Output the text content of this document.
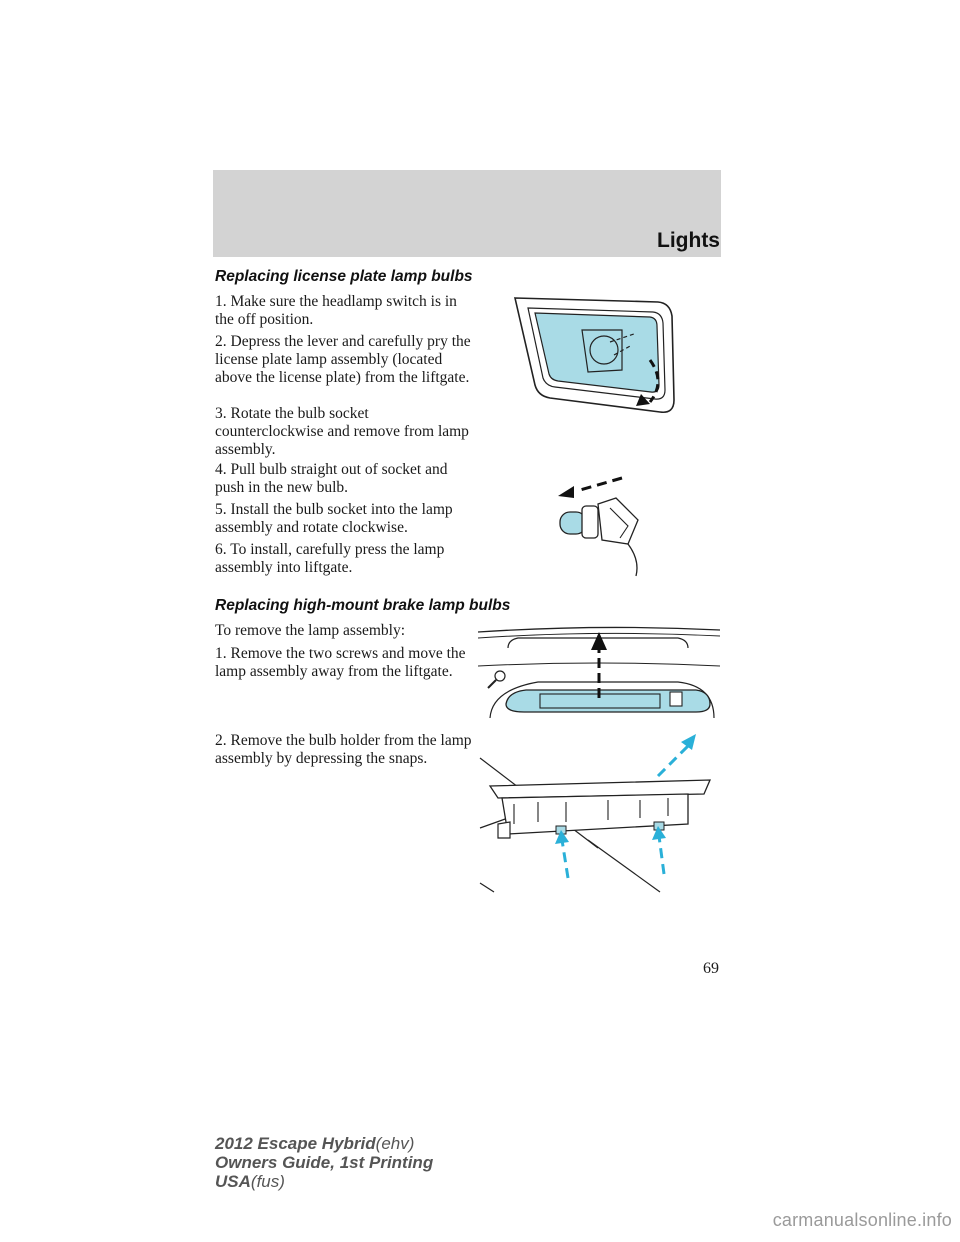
Lights
Replacing license plate lamp bulbs

1. Make sure the headlamp switch is in the off position.

2. Depress the lever and carefully pry the license plate lamp assembly (located above the license plate) from the liftgate.

3. Rotate the bulb socket counterclockwise and remove from lamp assembly.

4. Pull bulb straight out of socket and push in the new bulb.

5. Install the bulb socket into the lamp assembly and rotate clockwise.

6. To install, carefully press the lamp assembly into liftgate.

Replacing high-mount brake lamp bulbs

To remove the lamp assembly:

1. Remove the two screws and move the lamp assembly away from the liftgate.

2. Remove the bulb holder from the lamp assembly by depressing the snaps.

69
2012 Escape Hybrid(ehv)
Owners Guide, 1st Printing
USA(fus)
carmanualsonline.info
